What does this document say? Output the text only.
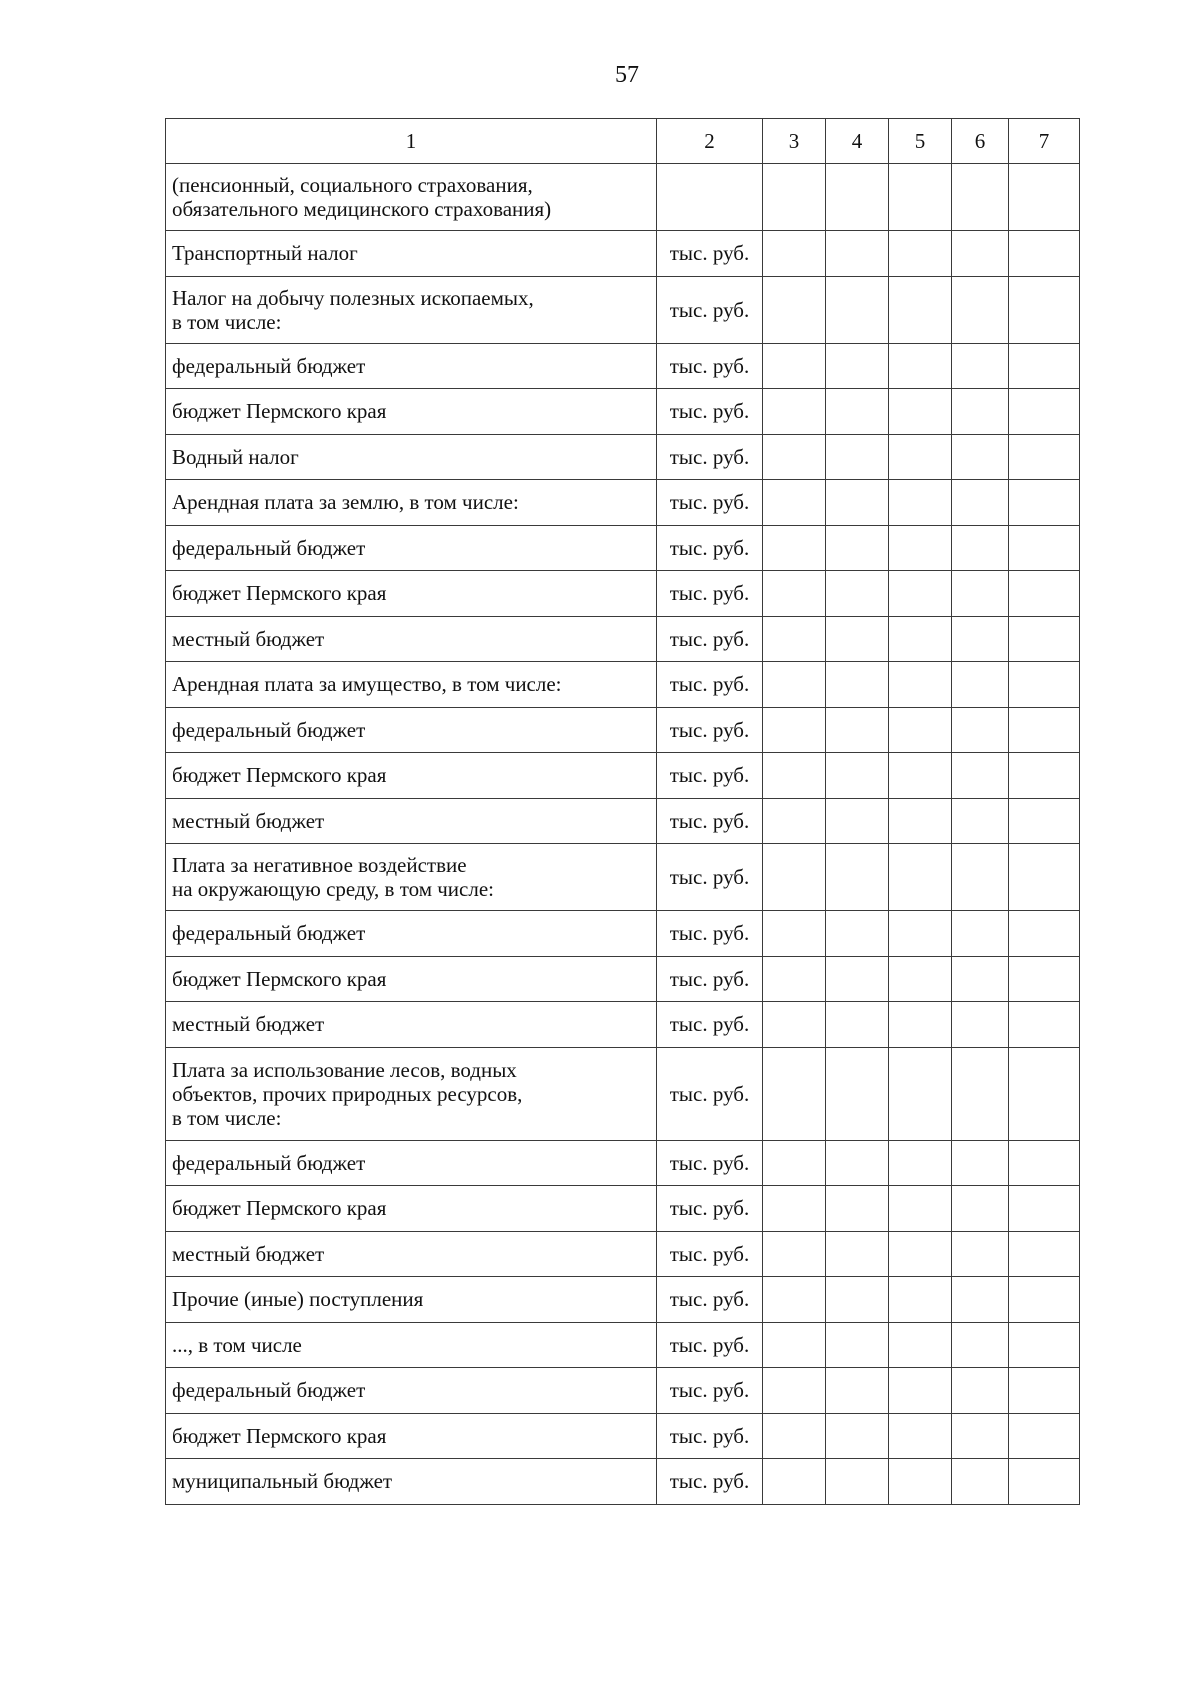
57
1	2	3	4	5	6	7
(пенсионный, социального страхования,
обязательного медицинского страхования)						
Транспортный налог	тыс. руб.					
Налог на добычу полезных ископаемых,
в том числе:	тыс. руб.					
федеральный бюджет	тыс. руб.					
бюджет Пермского края	тыс. руб.					
Водный налог	тыс. руб.					
Арендная плата за землю, в том числе:	тыс. руб.					
федеральный бюджет	тыс. руб.					
бюджет Пермского края	тыс. руб.					
местный бюджет	тыс. руб.					
Арендная плата за имущество, в том числе:	тыс. руб.					
федеральный бюджет	тыс. руб.					
бюджет Пермского края	тыс. руб.					
местный бюджет	тыс. руб.					
Плата за негативное воздействие
на окружающую среду, в том числе:	тыс. руб.					
федеральный бюджет	тыс. руб.					
бюджет Пермского края	тыс. руб.					
местный бюджет	тыс. руб.					
Плата за использование лесов, водных
объектов, прочих природных ресурсов,
в том числе:	тыс. руб.					
федеральный бюджет	тыс. руб.					
бюджет Пермского края	тыс. руб.					
местный бюджет	тыс. руб.					
Прочие (иные) поступления	тыс. руб.					
..., в том числе	тыс. руб.					
федеральный бюджет	тыс. руб.					
бюджет Пермского края	тыс. руб.					
муниципальный бюджет	тыс. руб.					
